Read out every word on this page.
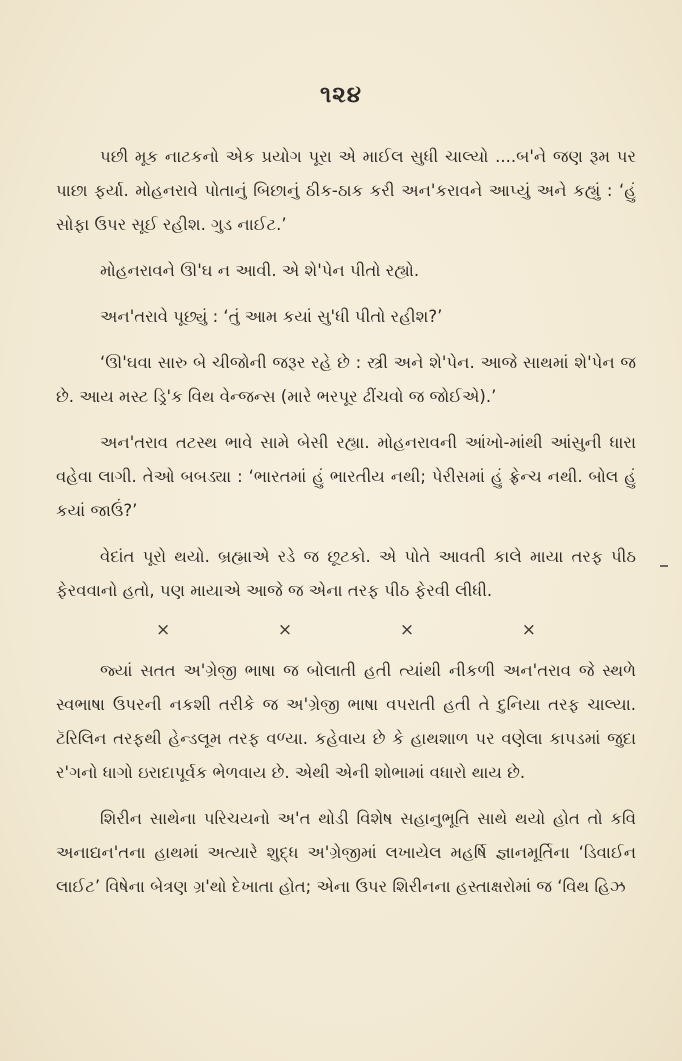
૧૨૪

પછી મૂક નાટકનો એક પ્રયોગ પૂરા એ માઈલ સુધી ચાલ્યો ....બ'ને જણ રૂમ પર પાછા ફર્યા. મોહનરાવે પોતાનું બિછાનું ઠીક-ઠાક કરી અન'કરાવને આપ્યું અને કહ્યું : ‘હું સોફા ઉપર સૂઈ રહીશ. ગુડ નાઈટ.’

મોહનરાવને ઊ'ઘ ન આવી. એ શે'પેન પીતો રહ્યો.

અન'તરાવે પૂછ્યું : ‘તું આમ કયાં સુ'ધી પીતો રહીશ?’

‘ઊ'ઘવા સારુ બે ચીજોની જરૂર રહે છે : સ્ત્રી અને શે'પેન. આજે સાથમાં શે'પેન જ છે. આય મસ્ટ ડ્રિ'ક વિથ વેન્જન્સ (મારે ભરપૂર ઢીંચવો જ જોઈએ).’

અન'તરાવ તટસ્થ ભાવે સામે બેસી રહ્યા. મોહનરાવની આંખો-માંથી આંસુની ધારા વહેવા લાગી. તેઓ બબડ્યા : ‘ભારતમાં હું ભારતીય નથી; પેરીસમાં હું ફ્રેન્ચ નથી. બોલ હું કયાં જાઉં?’

વેદાંત પૂરો થયો. બ્રહ્માએ રડે જ છૂટકો. એ પોતે આવતી કાલે માયા તરફ પીઠ ફેરવવાનો હતો, પણ માયાએ આજે જ એના તરફ પીઠ ફેરવી લીધી.

×	×	×	×

જ્યાં સતત અ'ગ્રેજી ભાષા જ બોલાતી હતી ત્યાંથી નીકળી અન'તરાવ જે સ્થળે સ્વભાષા ઉપરની નકશી તરીકે જ અ'ગ્રેજી ભાષા વપરાતી હતી તે દુનિયા તરફ ચાલ્યા. ટૅરિલિન તરફથી હેન્ડલૂમ તરફ વળ્યા. કહેવાય છે કે હાથશાળ પર વણેલા કાપડમાં જુદા ર'ગનો ધાગો ઇરાદાપૂર્વક ભેળવાય છે. એથી એની શોભામાં વધારો થાય છે.

શિરીન સાથેના પરિચયનો અ'ત થોડી વિશેષ સહાનુભૂતિ સાથે થયો હોત તો કવિ અનાદ્યન'તના હાથમાં અત્યારે શુદ્ધ અ'ગ્રેજીમાં લખાયેલ મહર્ષિ જ્ઞાનમૂર્તિના ‘ડિવાઈન લાઈટ’ વિષેના બેત્રણ ગ્ર'થો દેખાતા હોત; એના ઉપર શિરીનના હસ્તાક્ષરોમાં જ ‘વિથ હિઝ
